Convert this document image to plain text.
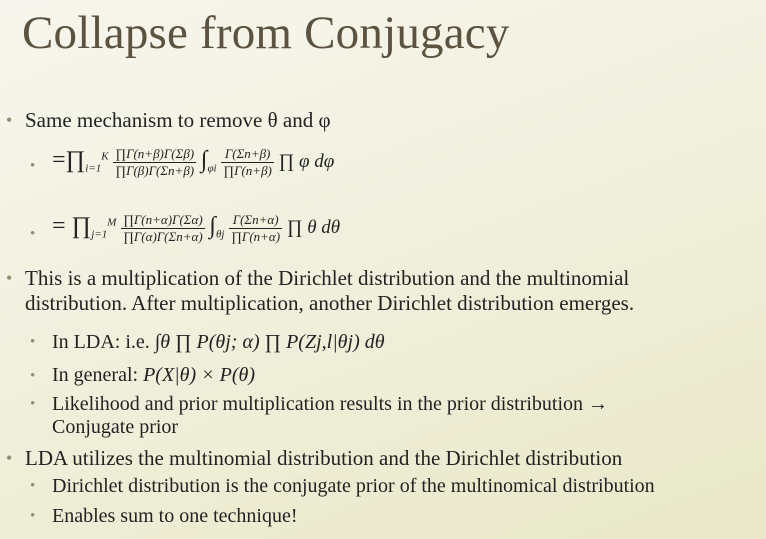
Collapse from Conjugacy
• Same mechanism to remove θ and φ
• $=\prod_{i=1}^K \frac{\prod\Gamma(n+\beta)\Gamma(\Sigma\beta)}{\prod\Gamma(\beta)\Gamma(\Sigma n+\beta)} \int_{\varphi i} \frac{\Gamma(\Sigma n+\beta)}{\prod\Gamma(n+\beta)}$ ∏ φ dφ
• = $\prod_{j=1}^M \frac{\prod\Gamma(n+\alpha)\Gamma(\Sigma\alpha)}{\prod\Gamma(\alpha)\Gamma(\Sigma n+\alpha)} \int_{\theta j} \frac{\Gamma(\Sigma n+\alpha)}{\prod\Gamma(n+\alpha)}$ ∏ θ dθ
• This is a multiplication of the Dirichlet distribution and the multinomial
distribution. After multiplication, another Dirichlet distribution emerges.
• In LDA: i.e. ∫θ ∏ P(θj; α) ∏ P(Zj,l|θj) dθ
• In general: P(X|θ) × P(θ)
• Likelihood and prior multiplication results in the prior distribution →
Conjugate prior
• LDA utilizes the multinomial distribution and the Dirichlet distribution
• Dirichlet distribution is the conjugate prior of the multinomical distribution
• Enables sum to one technique!
